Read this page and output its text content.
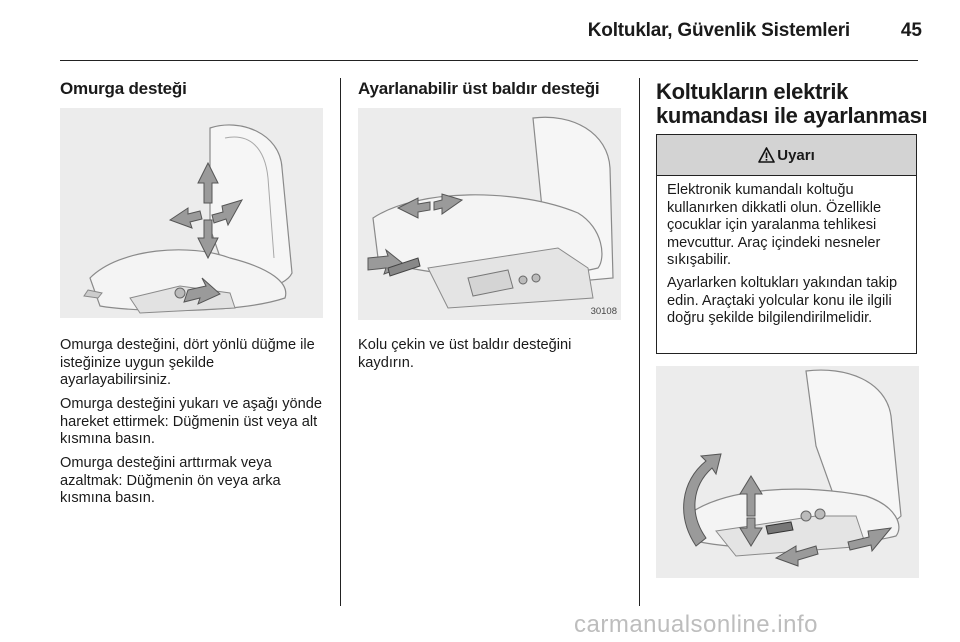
Koltuklar, Güvenlik Sistemleri	45
Omurga desteği
Omurga desteğini, dört yönlü düğme ile isteğinize uygun şekilde ayarlayabilirsiniz.
Omurga desteğini yukarı ve aşağı yönde hareket ettirmek: Düğmenin üst veya alt kısmına basın.
Omurga desteğini arttırmak veya azaltmak: Düğmenin ön veya arka kısmına basın.
Ayarlanabilir üst baldır desteği
30108
Kolu çekin ve üst baldır desteğini kaydırın.
Koltukların elektrik
kumandası ile ayarlanması
Uyarı

Elektronik kumandalı koltuğu kullanırken dikkatli olun. Özellikle çocuklar için yaralanma tehlikesi mevcuttur. Araç içindeki nesneler sıkışabilir.

Ayarlarken koltukları yakından takip edin. Araçtaki yolcular konu ile ilgili doğru şekilde bilgilendirilmelidir.

carmanualsonline.info
